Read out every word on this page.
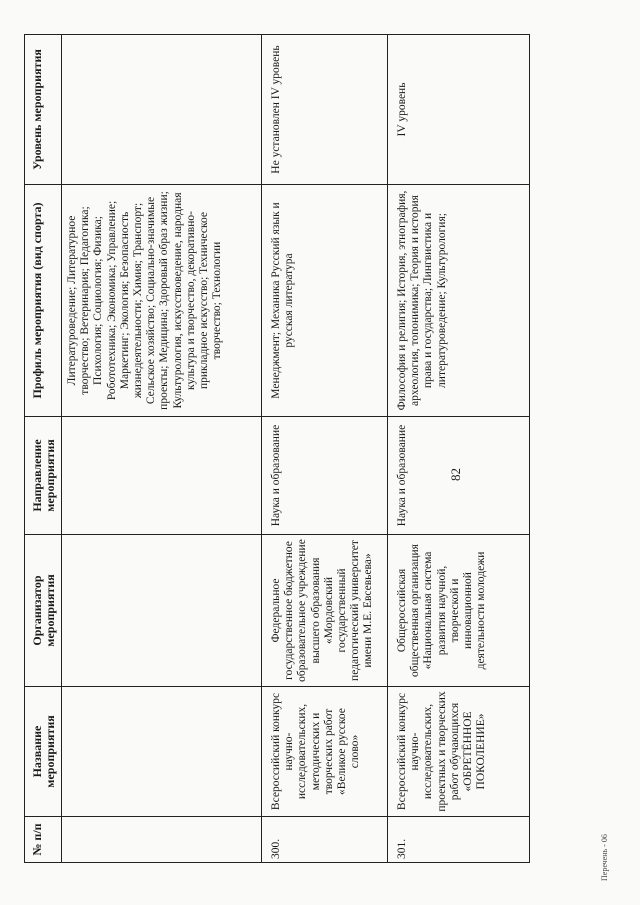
82
№ п/п	Название мероприятия	Организатор мероприятия	Направление мероприятия	Профиль мероприятия (вид спорта)	Уровень мероприятия
				Литературоведение; Литературное творчество; Ветеринария; Педагогика; Психология; Социология; Физика; Робототехника; Экономика; Управление; Маркетинг; Экология; Безопасность жизнедеятельности; Химия; Транспорт; Сельское хозяйство; Социально-значимые проекты; Медицина; Здоровый образ жизни; Культурология, искусствоведение, народная культура и творчество, декоративно-прикладное искусство; Техническое творчество; Технологии	
300.	Всероссийский конкурс научно-исследовательских, методических и творческих работ «Великое русское слово»	Федеральное государственное бюджетное образовательное учреждение высшего образования «Мордовский государственный педагогический университет имени М.Е. Евсевьева»	Наука и образование	Менеджмент; Механика Русский язык и русская литература	Не установлен IV уровень
301.	Всероссийский конкурс научно-исследовательских, проектных и творческих работ обучающихся «ОБРЕТЁННОЕ ПОКОЛЕНИЕ»	Общероссийская общественная организация «Национальная система развития научной, творческой и инновационной деятельности молодежи	Наука и образование	Философия и религия; История, этнография, археология, топонимика; Теория и история права и государства; Лингвистика и литературоведение; Культурология;	IV уровень
Перечень - 06
